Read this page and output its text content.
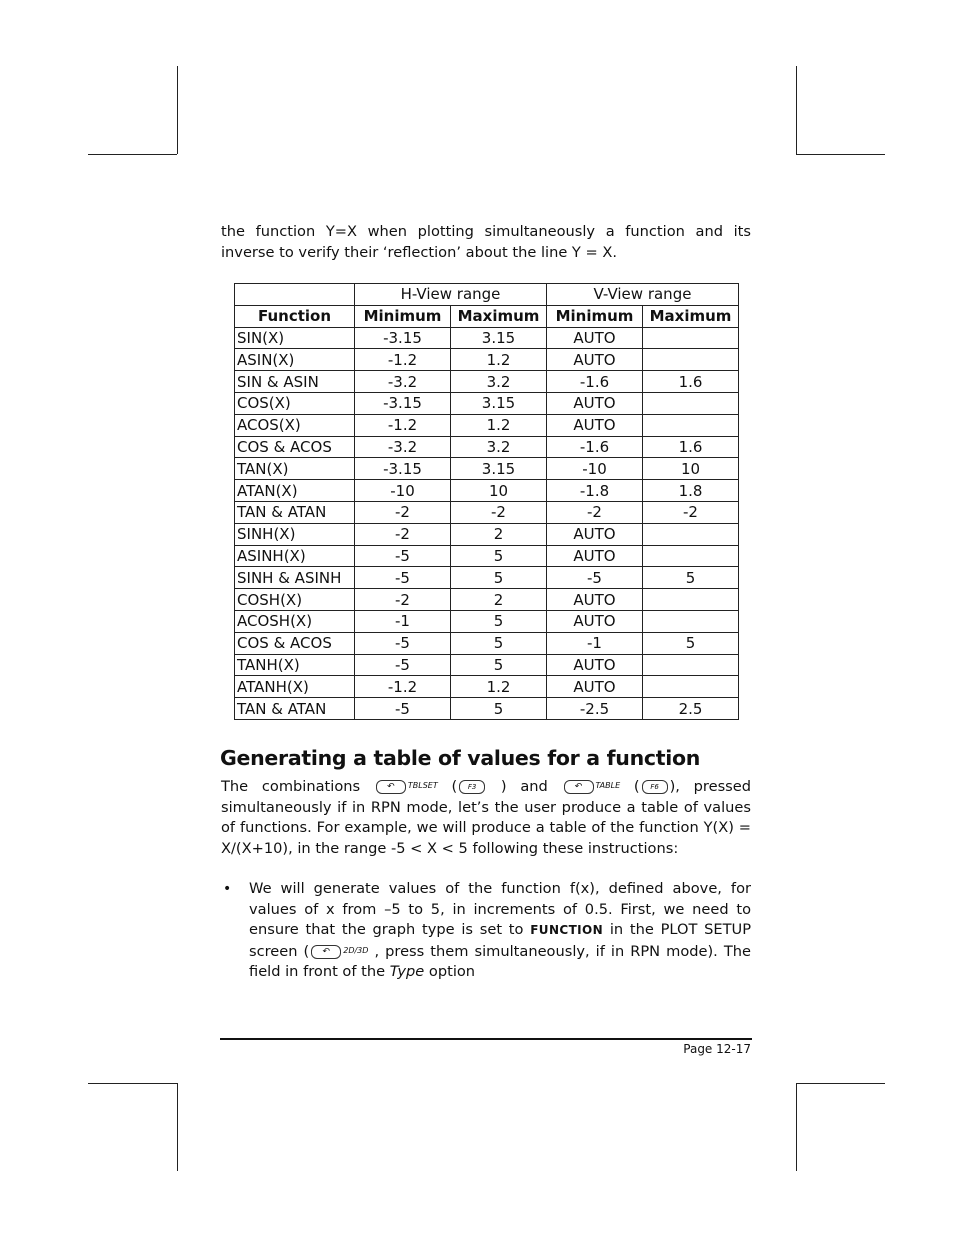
the function Y=X when plotting simultaneously a function and its inverse to verify their ‘reflection’ about the line Y = X.

	H-View range		V-View range	
Function	Minimum	Maximum	Minimum	Maximum
SIN(X)	-3.15	3.15	AUTO	
ASIN(X)	-1.2	1.2	AUTO	
SIN & ASIN	-3.2	3.2	-1.6	1.6
COS(X)	-3.15	3.15	AUTO	
ACOS(X)	-1.2	1.2	AUTO	
COS & ACOS	-3.2	3.2	-1.6	1.6
TAN(X)	-3.15	3.15	-10	10
ATAN(X)	-10	10	-1.8	1.8
TAN & ATAN	-2	-2	-2	-2
SINH(X)	-2	2	AUTO	
ASINH(X)	-5	5	AUTO	
SINH & ASINH	-5	5	-5	5
COSH(X)	-2	2	AUTO	
ACOSH(X)	-1	5	AUTO	
COS & ACOS	-5	5	-1	5
TANH(X)	-5	5	AUTO	
ATANH(X)	-1.2	1.2	AUTO	
TAN & ATAN	-5	5	-2.5	2.5
Generating a table of values for a function

The combinations	↶ $^{TBLSET}$ ( F3 ) and	↶ $^{TABLE}$ ( F6 ), pressed simultaneously if in RPN mode, let’s the user produce a table of values of functions. For example, we will produce a table of the function Y(X) = X/(X+10), in the range -5 < X < 5 following these instructions:

• We will generate values of the function f(x), defined above, for values of x from –5 to 5, in increments of 0.5. First, we need to ensure that the graph type is set to FUNCTION in the PLOT SETUP screen ( ↶ $^{2D/3D}$ , press them simultaneously, if in RPN mode). The field in front of the Type option

Page 12-17
